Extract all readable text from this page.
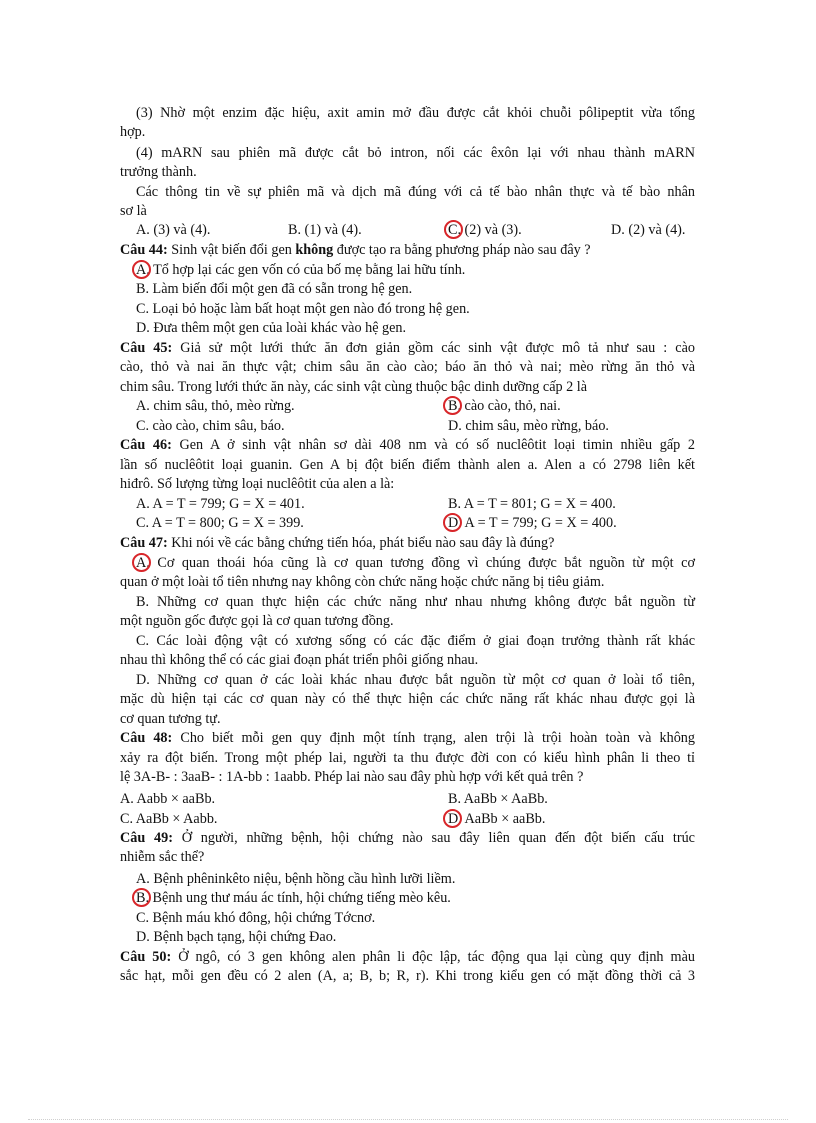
(3) Nhờ một enzim đặc hiệu, axit amin mở đầu được cắt khỏi chuỗi pôlipeptit vừa tổng
hợp.
(4) mARN sau phiên mã được cắt bỏ intron, nối các êxôn lại với nhau thành mARN
trưởng thành.
Các thông tin về sự phiên mã và dịch mã đúng với cả tế bào nhân thực và tế bào nhân
sơ là
A. (3) và (4).	B. (1) và (4).	C. (2) và (3).	D. (2) và (4).
Câu 44: Sinh vật biến đổi gen không được tạo ra bằng phương pháp nào sau đây ?
A. Tổ hợp lại các gen vốn có của bố mẹ bằng lai hữu tính.
B. Làm biến đổi một gen đã có sẵn trong hệ gen.
C. Loại bỏ hoặc làm bất hoạt một gen nào đó trong hệ gen.
D. Đưa thêm một gen của loài khác vào hệ gen.
Câu 45: Giả sử một lưới thức ăn đơn giản gồm các sinh vật được mô tả như sau : cào
cào, thỏ và nai ăn thực vật; chim sâu ăn cào cào; báo ăn thỏ và nai; mèo rừng ăn thỏ và
chim sâu. Trong lưới thức ăn này, các sinh vật cùng thuộc bậc dinh dưỡng cấp 2 là
A. chim sâu, thỏ, mèo rừng.	B. cào cào, thỏ, nai.
C. cào cào, chim sâu, báo.	D. chim sâu, mèo rừng, báo.
Câu 46: Gen A ở sinh vật nhân sơ dài 408 nm và có số nuclêôtit loại timin nhiều gấp 2
lần số nuclêôtit loại guanin. Gen A bị đột biến điểm thành alen a. Alen a có 2798 liên kết
hiđrô. Số lượng từng loại nuclêôtit của alen a là:
A. A = T = 799; G = X = 401.	B. A = T = 801; G = X = 400.
C. A = T = 800; G = X = 399.	D. A = T = 799; G = X = 400.
Câu 47: Khi nói về các bằng chứng tiến hóa, phát biểu nào sau đây là đúng?
A. Cơ quan thoái hóa cũng là cơ quan tương đồng vì chúng được bắt nguồn từ một cơ
quan ở một loài tổ tiên nhưng nay không còn chức năng hoặc chức năng bị tiêu giảm.
B. Những cơ quan thực hiện các chức năng như nhau nhưng không được bắt nguồn từ
một nguồn gốc được gọi là cơ quan tương đồng.
C. Các loài động vật có xương sống có các đặc điểm ở giai đoạn trưởng thành rất khác
nhau thì không thể có các giai đoạn phát triển phôi giống nhau.
D. Những cơ quan ở các loài khác nhau được bắt nguồn từ một cơ quan ở loài tổ tiên,
mặc dù hiện tại các cơ quan này có thể thực hiện các chức năng rất khác nhau được gọi là
cơ quan tương tự.
Câu 48: Cho biết mỗi gen quy định một tính trạng, alen trội là trội hoàn toàn và không
xảy ra đột biến. Trong một phép lai, người ta thu được đời con có kiểu hình phân li theo tỉ
lệ 3A-B- : 3aaB- : 1A-bb : 1aabb. Phép lai nào sau đây phù hợp với kết quả trên ?
A. Aabb × aaBb.	B. AaBb × AaBb.
C. AaBb × Aabb.	D. AaBb × aaBb.
Câu 49: Ở người, những bệnh, hội chứng nào sau đây liên quan đến đột biến cấu trúc
nhiễm sắc thể?
A. Bệnh phêninkêto niệu, bệnh hồng cầu hình lưỡi liềm.
B. Bệnh ung thư máu ác tính, hội chứng tiếng mèo kêu.
C. Bệnh máu khó đông, hội chứng Tớcnơ.
D. Bệnh bạch tạng, hội chứng Đao.
Câu 50: Ở ngô, có 3 gen không alen phân li độc lập, tác động qua lại cùng quy định màu
sắc hạt, mỗi gen đều có 2 alen (A, a; B, b; R, r). Khi trong kiểu gen có mặt đồng thời cả 3
